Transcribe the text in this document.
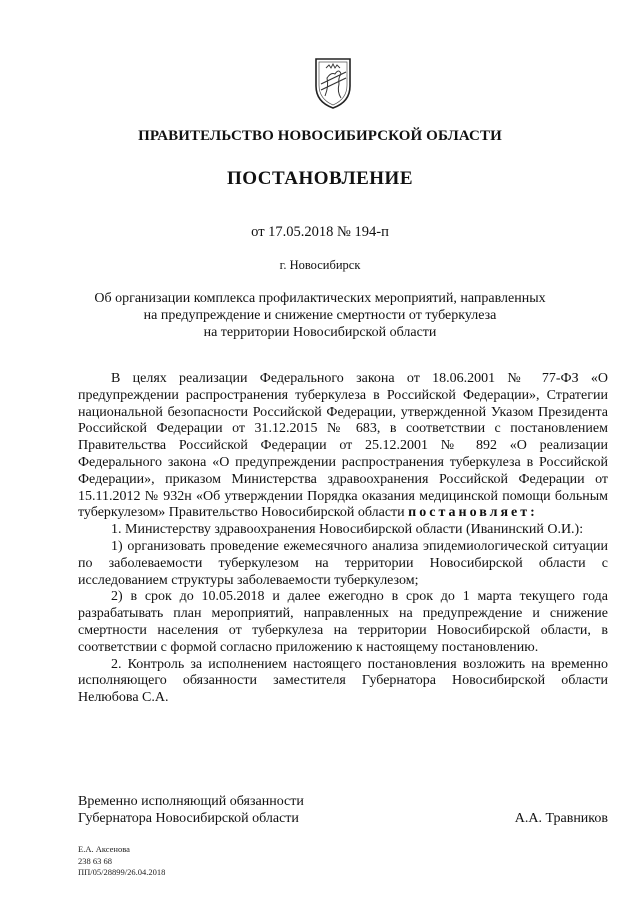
ПРАВИТЕЛЬСТВО НОВОСИБИРСКОЙ ОБЛАСТИ
ПОСТАНОВЛЕНИЕ
от 17.05.2018 № 194-п
г. Новосибирск
Об организации комплекса профилактических мероприятий, направленных
на предупреждение и снижение смертности от туберкулеза
на территории Новосибирской области

В целях реализации Федерального закона от 18.06.2001 № 77-ФЗ «О предупреждении распространения туберкулеза в Российской Федерации», Стратегии национальной безопасности Российской Федерации, утвержденной Указом Президента Российской Федерации от 31.12.2015 № 683, в соответствии с постановлением Правительства Российской Федерации от 25.12.2001 № 892 «О реализации Федерального закона «О предупреждении распространения туберкулеза в Российской Федерации», приказом Министерства здравоохранения Российской Федерации от 15.11.2012 № 932н «Об утверждении Порядка оказания медицинской помощи больным туберкулезом» Правительство Новосибирской области постановляет:

1. Министерству здравоохранения Новосибирской области (Иванинский О.И.):

1) организовать проведение ежемесячного анализа эпидемиологической ситуации по заболеваемости туберкулезом на территории Новосибирской области с исследованием структуры заболеваемости туберкулезом;

2) в срок до 10.05.2018 и далее ежегодно в срок до 1 марта текущего года разрабатывать план мероприятий, направленных на предупреждение и снижение смертности населения от туберкулеза на территории Новосибирской области, в соответствии с формой согласно приложению к настоящему постановлению.

2. Контроль за исполнением настоящего постановления возложить на временно исполняющего обязанности заместителя Губернатора Новосибирской области Нелюбова С.А.

Временно исполняющий обязанности
Губернатора Новосибирской области	А.А. Травников
Е.А. Аксенова
238 63 68
ПП/05/28899/26.04.2018
